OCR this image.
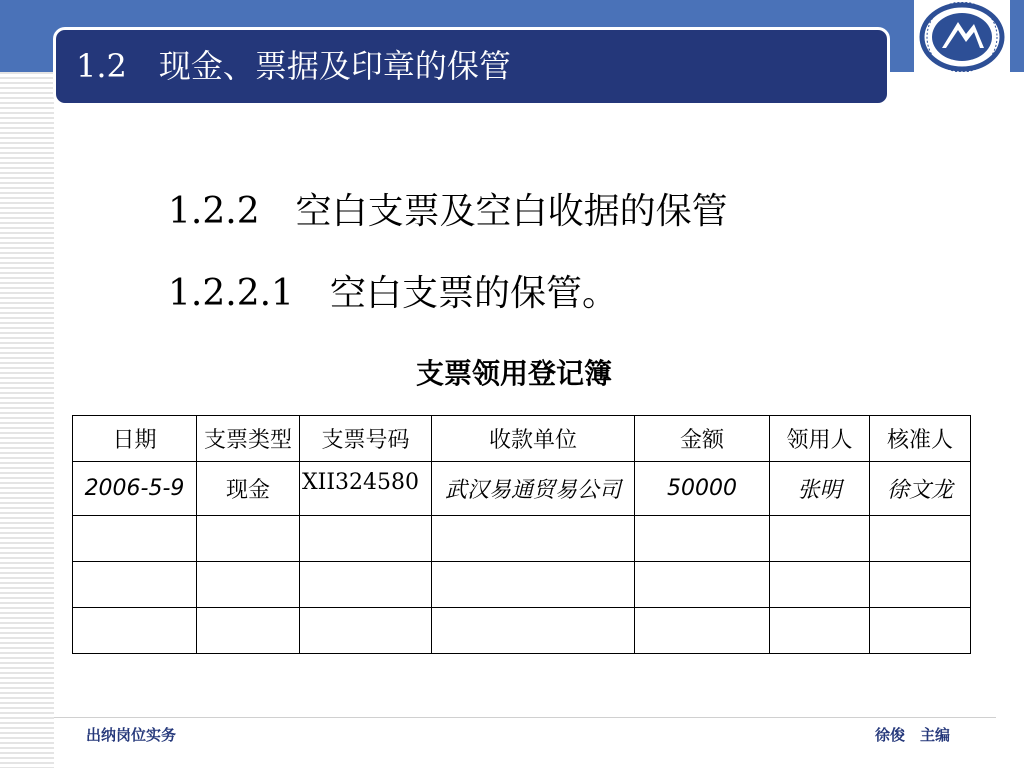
1.2　现金、票据及印章的保管
1.2.2　空白支票及空白收据的保管
1.2.2.1　空白支票的保管。
支票领用登记簿
日期	支票类型	支票号码	收款单位	金额	领用人	核准人
2006-5-9	现金	XII324580	武汉易通贸易公司	50000	张明	徐文龙

出纳岗位实务	徐俊　主编
